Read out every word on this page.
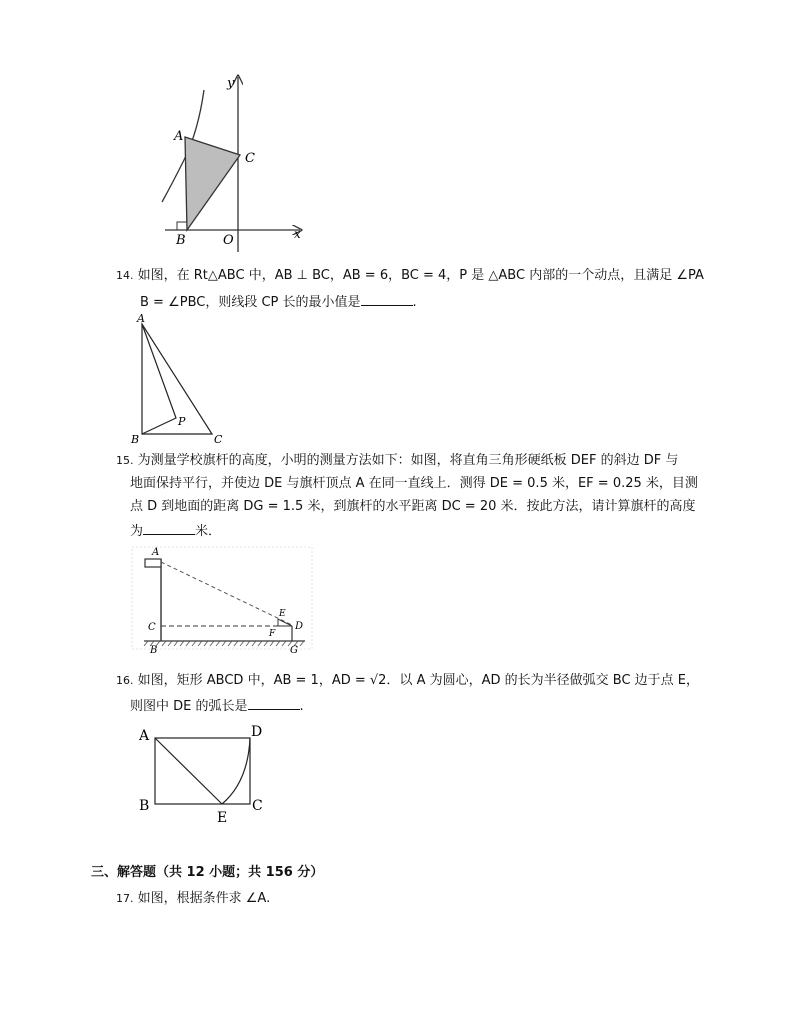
y
x
A
C
B	O
14. 如图，在 Rt△ABC 中，AB ⊥ BC，AB = 6，BC = 4，P 是 △ABC 内部的一个动点，且满足 ∠PA
B = ∠PBC，则线段 CP 长的最小值是	.
A
P
B	C
15. 为测量学校旗杆的高度，小明的测量方法如下：如图，将直角三角形硬纸板 DEF 的斜边 DF 与
地面保持平行，并使边 DE 与旗杆顶点 A 在同一直线上．测得 DE = 0.5 米，EF = 0.25 米，目测
点 D 到地面的距离 DG = 1.5 米，到旗杆的水平距离 DC = 20 米．按此方法，请计算旗杆的高度
为	米．
A
C
B
E
F
D
G
16. 如图，矩形 ABCD 中，AB = 1，AD = √2．以 A 为圆心，AD 的长为半径做弧交 BC 边于点 E，
则图中 DE 的弧长是	.
A	D
B
E
C
三、解答题（共 12 小题；共 156 分）
17. 如图，根据条件求 ∠A.
